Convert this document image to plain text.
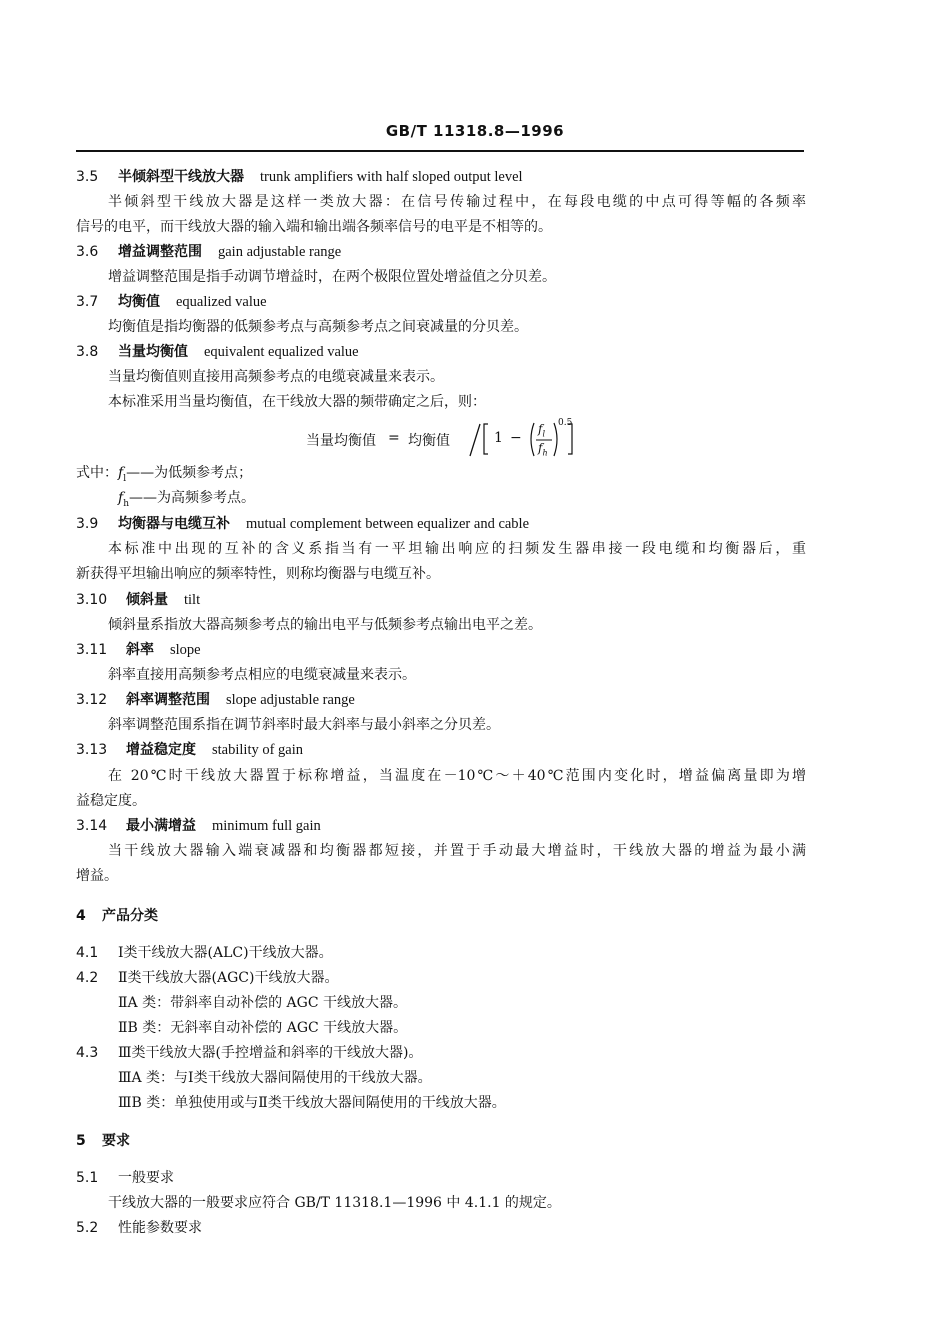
GB/T 11318.8—1996
3.5 半倾斜型干线放大器 trunk amplifiers with half sloped output level
半倾斜型干线放大器是这样一类放大器：在信号传输过程中，在每段电缆的中点可得等幅的各频率
信号的电平，而干线放大器的输入端和输出端各频率信号的电平是不相等的。
3.6 增益调整范围 gain adjustable range
增益调整范围是指手动调节增益时，在两个极限位置处增益值之分贝差。
3.7 均衡值 equalized value
均衡值是指均衡器的低频参考点与高频参考点之间衰减量的分贝差。
3.8 当量均衡值 equivalent equalized value
当量均衡值则直接用高频参考点的电缆衰减量来表示。
本标准采用当量均衡值，在干线放大器的频带确定之后，则：
当量均衡值 = 均衡值	1 −
$f_l$
$f_h$
0.5
式中：$f_l——$为低频参考点；
$f_h——$为高频参考点。
3.9 均衡器与电缆互补 mutual complement between equalizer and cable
本标准中出现的互补的含义系指当有一平坦输出响应的扫频发生器串接一段电缆和均衡器后，重
新获得平坦输出响应的频率特性，则称均衡器与电缆互补。
3.10 倾斜量 tilt
倾斜量系指放大器高频参考点的输出电平与低频参考点输出电平之差。
3.11 斜率 slope
斜率直接用高频参考点相应的电缆衰减量来表示。
3.12 斜率调整范围 slope adjustable range
斜率调整范围系指在调节斜率时最大斜率与最小斜率之分贝差。
3.13 增益稳定度 stability of gain
在 20℃时干线放大器置于标称增益，当温度在－10℃～＋40℃范围内变化时，增益偏离量即为增
益稳定度。
3.14 最小满增益 minimum full gain
当干线放大器输入端衰减器和均衡器都短接，并置于手动最大增益时，干线放大器的增益为最小满
增益。
4 产品分类
4.1 Ⅰ类干线放大器(ALC)干线放大器。
4.2 Ⅱ类干线放大器(AGC)干线放大器。
ⅡA 类：带斜率自动补偿的 AGC 干线放大器。
ⅡB 类：无斜率自动补偿的 AGC 干线放大器。
4.3 Ⅲ类干线放大器(手控增益和斜率的干线放大器)。
ⅢA 类：与Ⅰ类干线放大器间隔使用的干线放大器。
ⅢB 类：单独使用或与Ⅱ类干线放大器间隔使用的干线放大器。
5 要求
5.1 一般要求
干线放大器的一般要求应符合 GB/T 11318.1—1996 中 4.1.1 的规定。
5.2 性能参数要求
